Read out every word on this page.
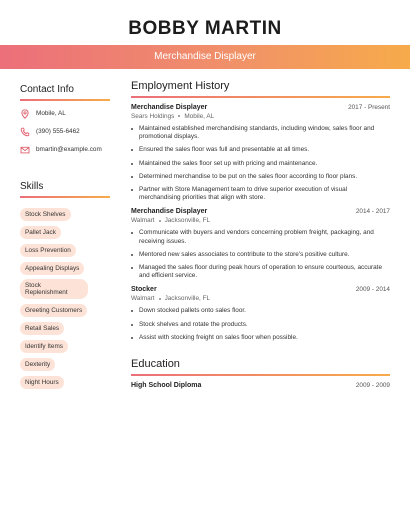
BOBBY MARTIN
Merchandise Displayer
Contact Info
Mobile, AL
(390) 555-6462
bmartin@example.com
Skills
Stock Shelves
Pallet Jack
Loss Prevention
Appealing Displays
Stock Replenishment
Greeting Customers
Retail Sales
Identify Items
Dexterity
Night Hours
Employment History
Merchandise Displayer	2017 - Present
Sears Holdings Mobile, AL
Maintained established merchandising standards, including window, sales floor and promotional displays.
Ensured the sales floor was full and presentable at all times.
Maintained the sales floor set up with pricing and maintenance.
Determined merchandise to be put on the sales floor according to floor plans.
Partner with Store Management team to drive superior execution of visual merchandising priorities that align with store.
Merchandise Displayer	2014 - 2017
Walmart Jacksonville, FL
Communicate with buyers and vendors concerning problem freight, packaging, and receiving issues.
Mentored new sales associates to contribute to the store's positive culture.
Managed the sales floor during peak hours of operation to ensure courteous, accurate and efficient service.
Stocker	2009 - 2014
Walmart Jacksonville, FL
Down stocked pallets onto sales floor.
Stock shelves and rotate the products.
Assist with stocking freight on sales floor when possible.
Education
High School Diploma	2009 - 2009
